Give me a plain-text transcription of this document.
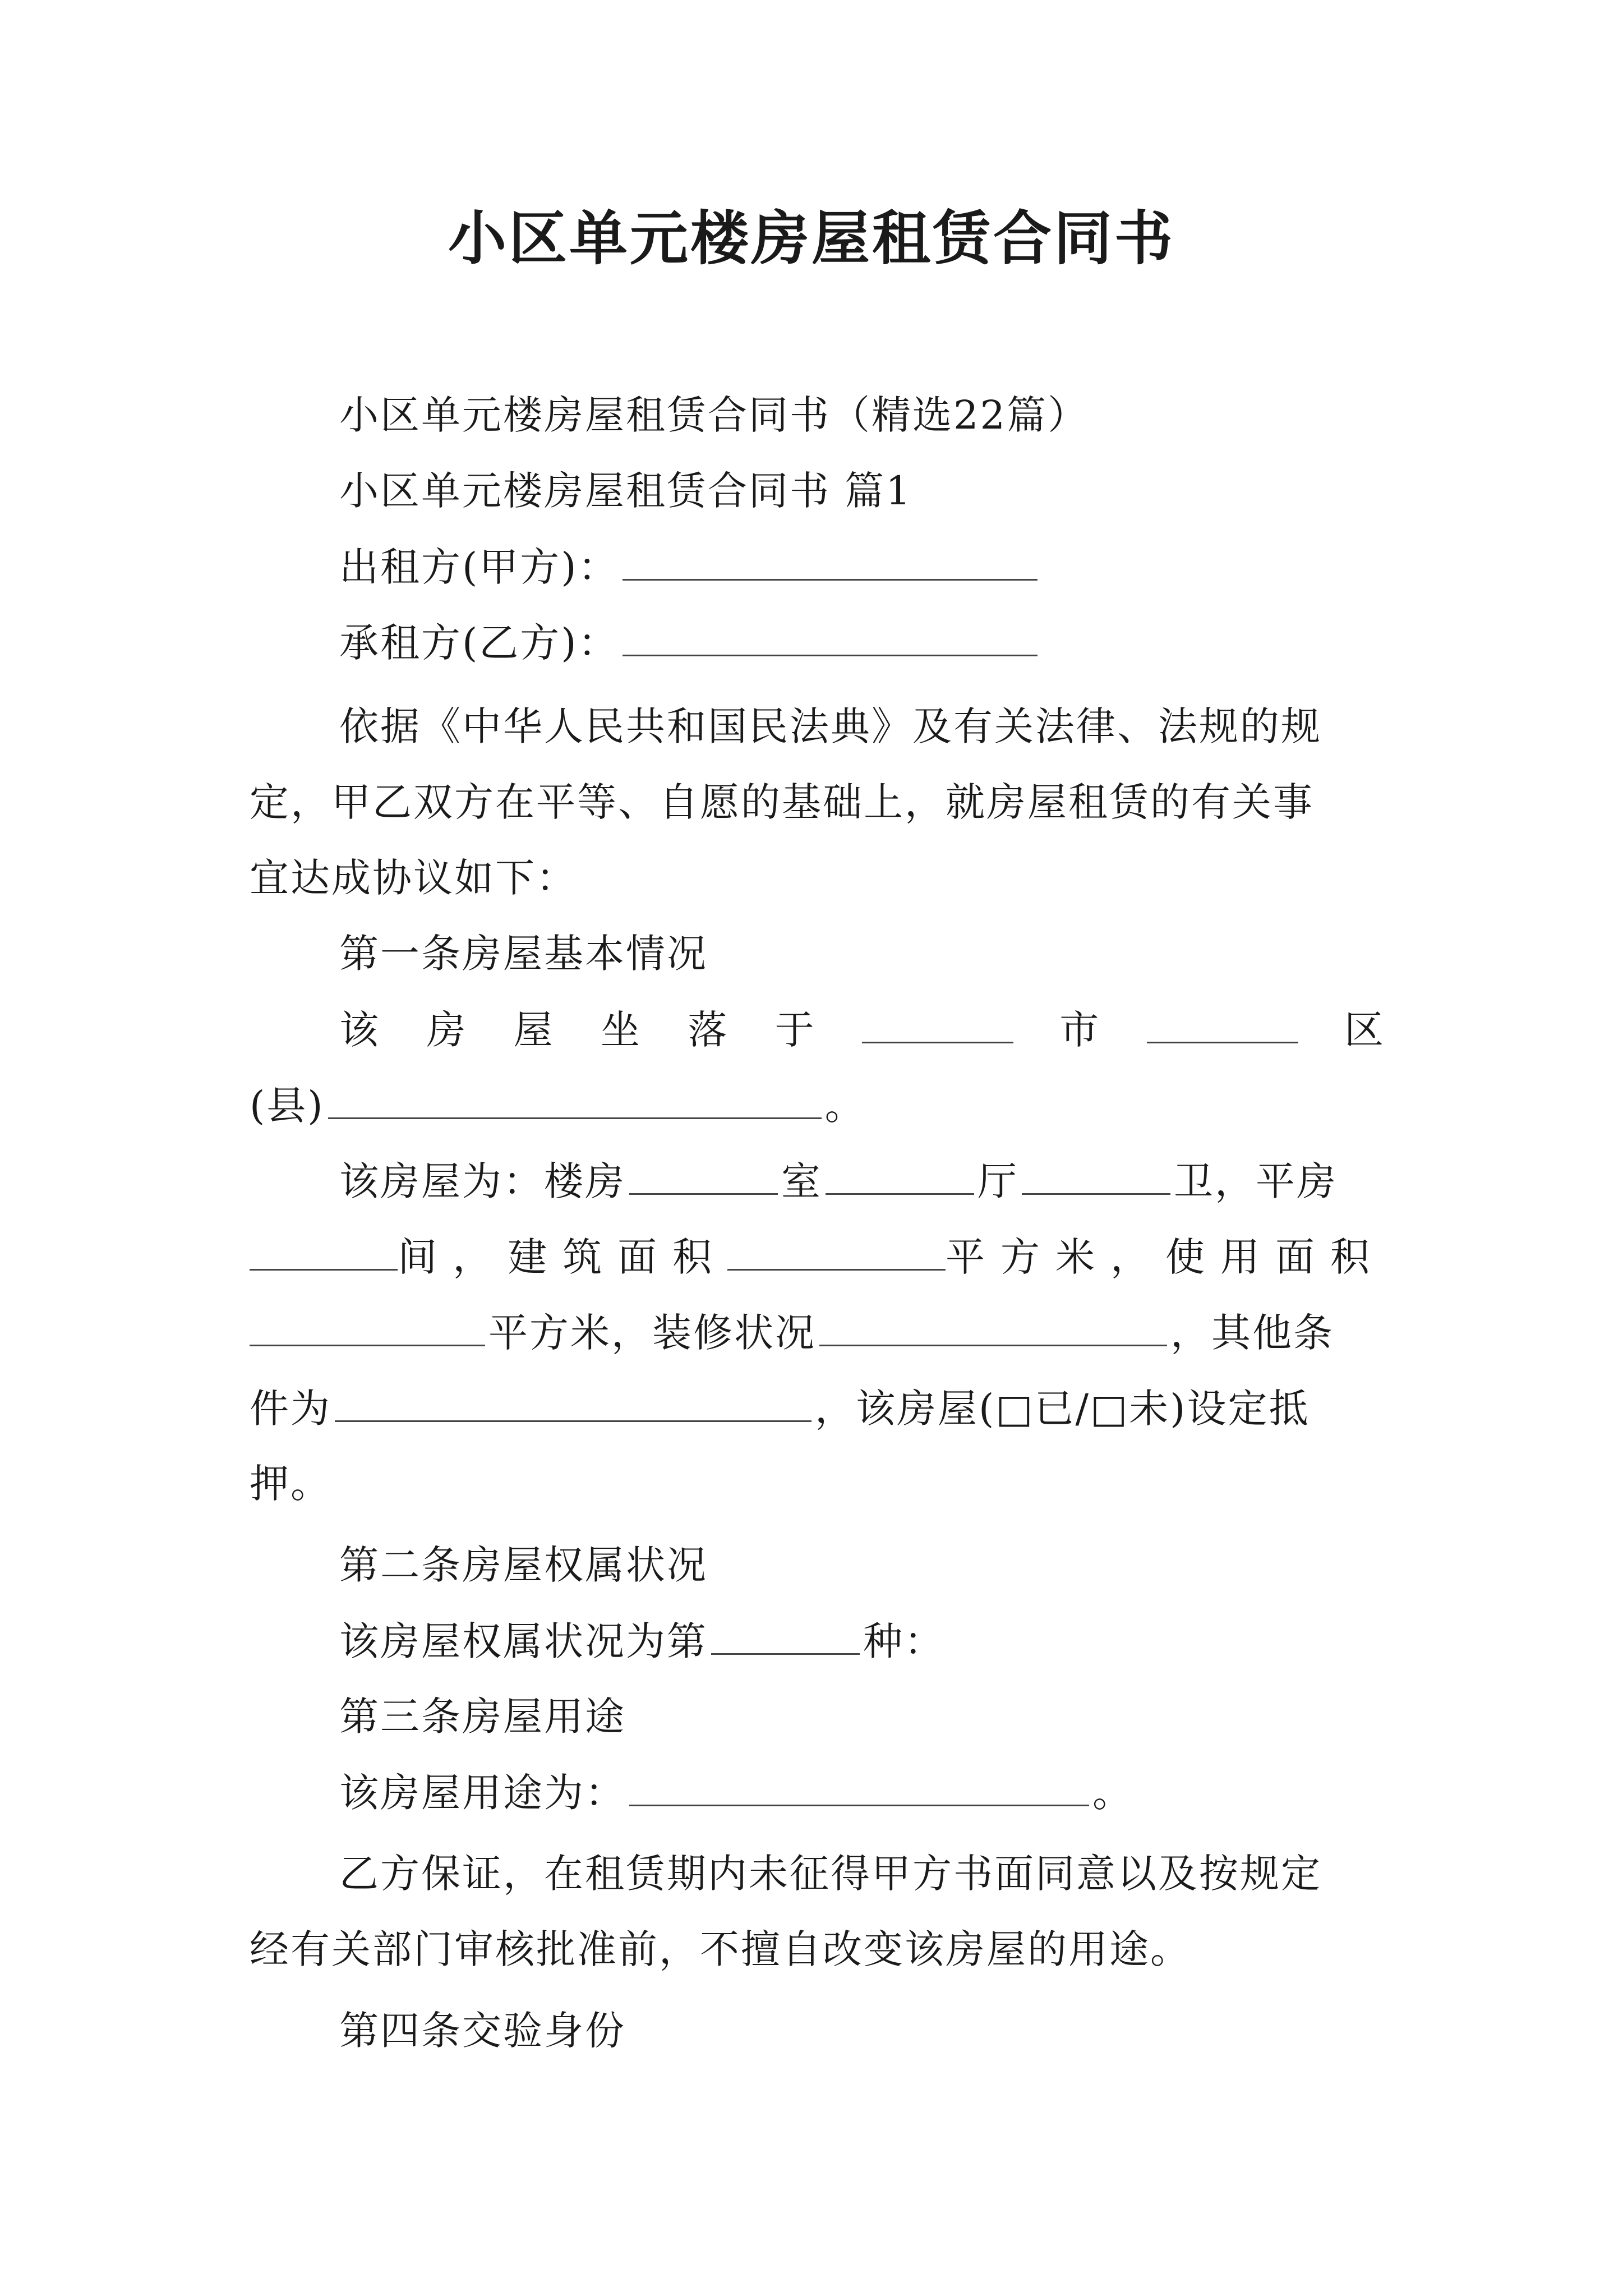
小区单元楼房屋租赁合同书
小区单元楼房屋租赁合同书（精选22篇）
小区单元楼房屋租赁合同书 篇1
出租方(甲方)：
承租方(乙方)：
依据《中华人民共和国民法典》及有关法律、法规的规
定，甲乙双方在平等、自愿的基础上，就房屋租赁的有关事
宜达成协议如下：
第一条房屋基本情况
该 房 屋 坐 落 于	市	区
(县)	。
该房屋为：楼房	室	厅	卫，平房
间， 建筑面积	平方米， 使用面积
平方米，装修状况	，其他条
件为	，该房屋(□已/□未)设定抵
押。
第二条房屋权属状况
该房屋权属状况为第	种：
第三条房屋用途
该房屋用途为：	。
乙方保证，在租赁期内未征得甲方书面同意以及按规定
经有关部门审核批准前，不擅自改变该房屋的用途。
第四条交验身份
